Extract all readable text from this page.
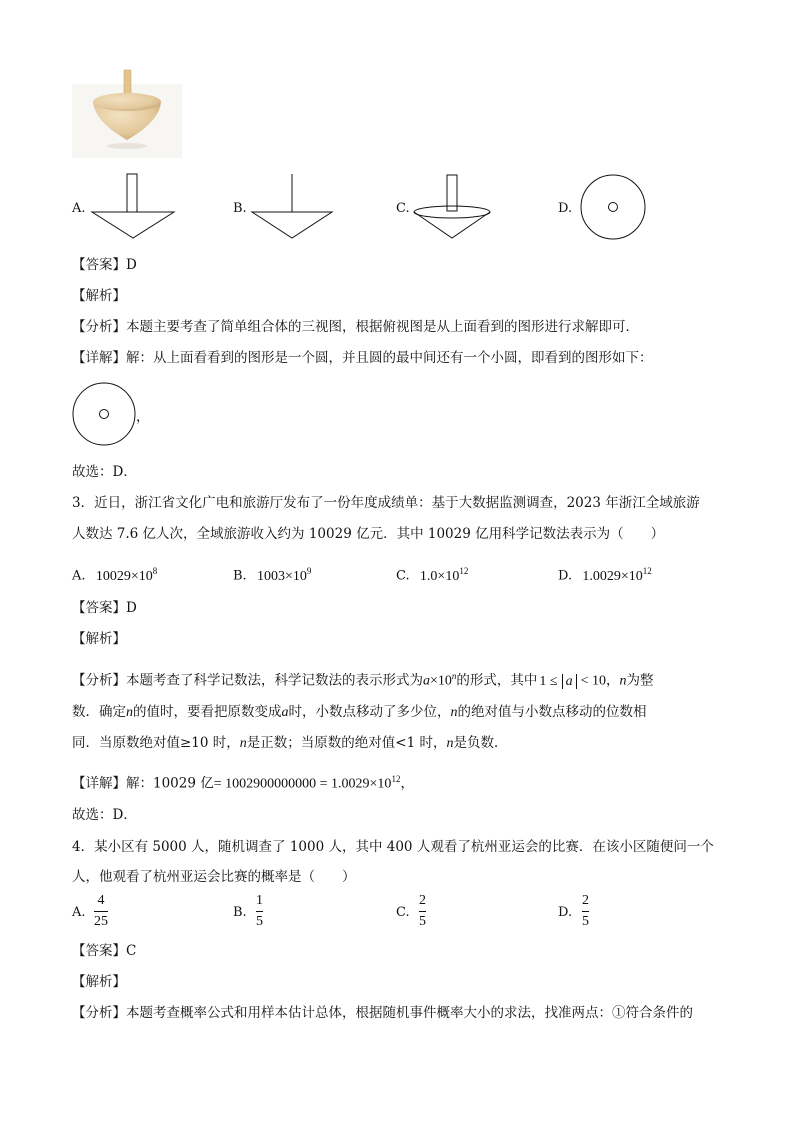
A.	B.	C.	D.
【答案】D
【解析】
【分析】本题主要考查了简单组合体的三视图，根据俯视图是从上面看到的图形进行求解即可．
【详解】解：从上面看看到的图形是一个圆，并且圆的最中间还有一个小圆，即看到的图形如下：
，
故选：D．
3．近日，浙江省文化广电和旅游厅发布了一份年度成绩单：基于大数据监测调查，2023 年浙江全域旅游
人数达 7.6 亿人次，全域旅游收入约为 10029 亿元．其中 10029 亿用科学记数法表示为（　　）
A. $10029\times 10^8$	B. $1003\times 10^9$	C. $1.0\times 10^{12}$	D. $1.0029\times 10^{12}$
【答案】D
【解析】
【分析】本题考查了科学记数法，科学记数法的表示形式为$a\times 10^n$的形式，其中 1 ≤ a < 10，n为整
数．确定n的值时，要看把原数变成a时，小数点移动了多少位，n的绝对值与小数点移动的位数相
同．当原数绝对值≥10 时，n是正数；当原数的绝对值<1 时，n是负数．
【详解】解：10029 亿= $1002900000000 = 1.0029\times 10^{12}$，
故选：D．
4．某小区有 5000 人，随机调查了 1000 人，其中 400 人观看了杭州亚运会的比赛．在该小区随便问一个
人，他观看了杭州亚运会比赛的概率是（　　）
A.
4
25
B.
1
5
C.
2
5
D.
2
5
【答案】C
【解析】
【分析】本题考查概率公式和用样本估计总体，根据随机事件概率大小的求法，找准两点：①符合条件的
